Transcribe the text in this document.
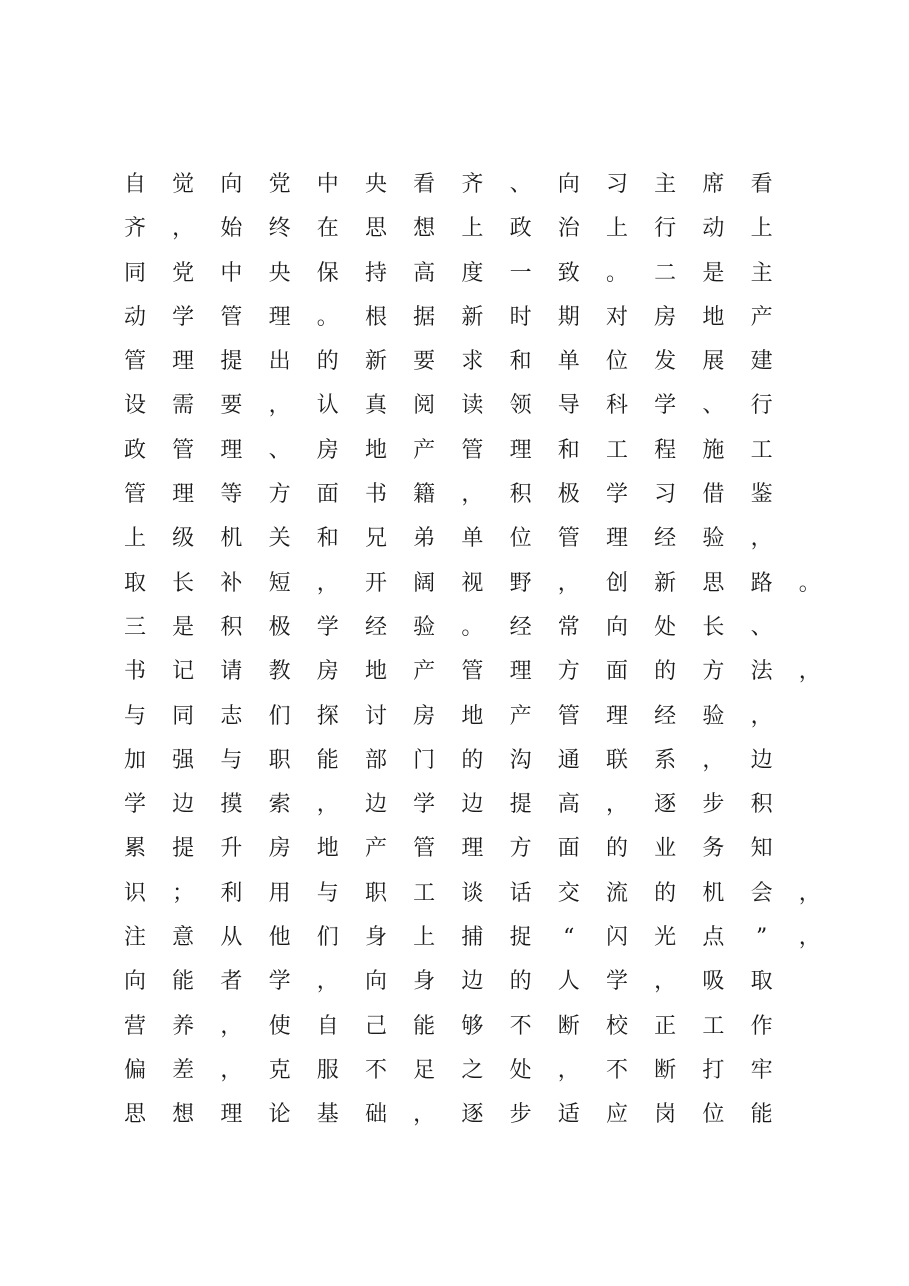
自 觉 向 党 中 央 看 齐 、 向 习 主 席 看
齐 ， 始 终 在 思 想 上 政 治 上 行 动 上
同 党 中 央 保 持 高 度 一 致 。 二 是 主
动 学 管 理 。 根 据 新 时 期 对 房 地 产
管 理 提 出 的 新 要 求 和 单 位 发 展 建
设 需 要 ， 认 真 阅 读 领 导 科 学 、 行
政 管 理 、 房 地 产 管 理 和 工 程 施 工
管 理 等 方 面 书 籍 ， 积 极 学 习 借 鉴
上 级 机 关 和 兄 弟 单 位 管 理 经 验 ，
取 长 补 短 ， 开 阔 视 野 ， 创 新 思 路 。
三 是 积 极 学 经 验 。 经 常 向 处 长 、
书 记 请 教 房 地 产 管 理 方 面 的 方 法 ，
与 同 志 们 探 讨 房 地 产 管 理 经 验 ，
加 强 与 职 能 部 门 的 沟 通 联 系 ， 边
学 边 摸 索 ， 边 学 边 提 高 ， 逐 步 积
累 提 升 房 地 产 管 理 方 面 的 业 务 知
识 ； 利 用 与 职 工 谈 话 交 流 的 机 会 ，
注 意 从 他 们 身 上 捕 捉 “ 闪 光 点 ” ，
向 能 者 学 ， 向 身 边 的 人 学 ， 吸 取
营 养 ， 使 自 己 能 够 不 断 校 正 工 作
偏 差 ， 克 服 不 足 之 处 ， 不 断 打 牢
思 想 理 论 基 础 ， 逐 步 适 应 岗 位 能
